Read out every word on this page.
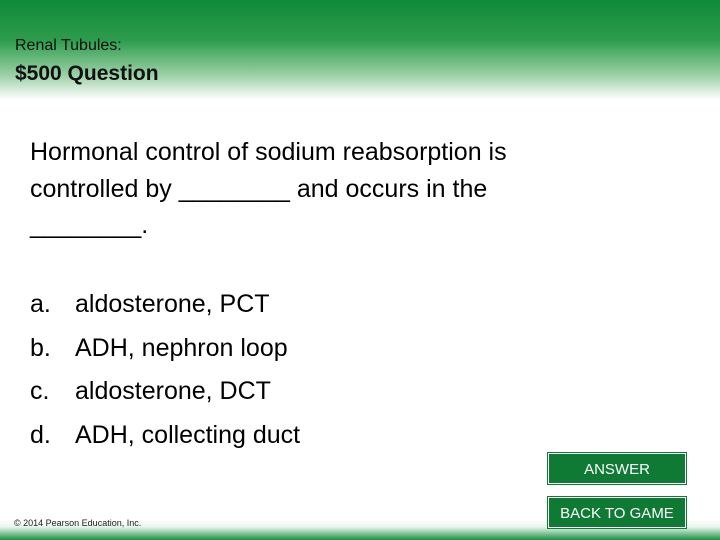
Renal Tubules:
$500 Question
Hormonal control of sodium reabsorption is
controlled by ________ and occurs in the
________.
a. aldosterone, PCT
b. ADH, nephron loop
c. aldosterone, DCT
d. ADH, collecting duct
ANSWER
BACK TO GAME
© 2014 Pearson Education, Inc.
